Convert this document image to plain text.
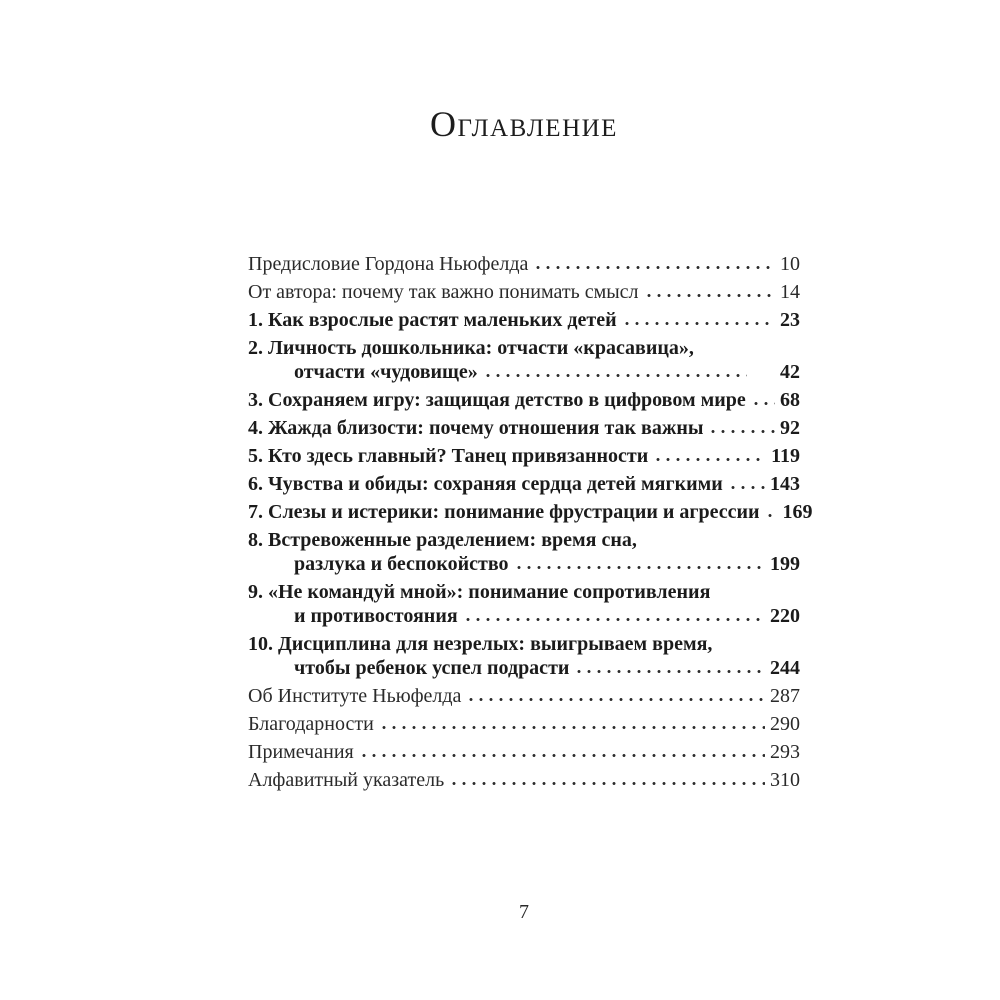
ОГЛАВЛЕНИЕ
Предисловие Гордона Ньюфелда	10
От автора: почему так важно понимать смысл	14
1. Как взрослые растят маленьких детей	23
2. Личность дошкольника: отчасти «красавица»,
отчасти «чудовище»	42
3. Сохраняем игру: защищая детство в цифровом мире 68
4. Жажда близости: почему отношения так важны	92
5. Кто здесь главный? Танец привязанности	119
6. Чувства и обиды: сохраняя сердца детей мягкими 143
7. Слезы и истерики: понимание фрустрации и агрессии 169
8. Встревоженные разделением: время сна,
разлука и беспокойство	199
9. «Не командуй мной»: понимание сопротивления
и противостояния	220
10. Дисциплина для незрелых: выигрываем время,
чтобы ребенок успел подрасти	244
Об Институте Ньюфелда	287
Благодарности	290
Примечания	293
Алфавитный указатель	310
7
